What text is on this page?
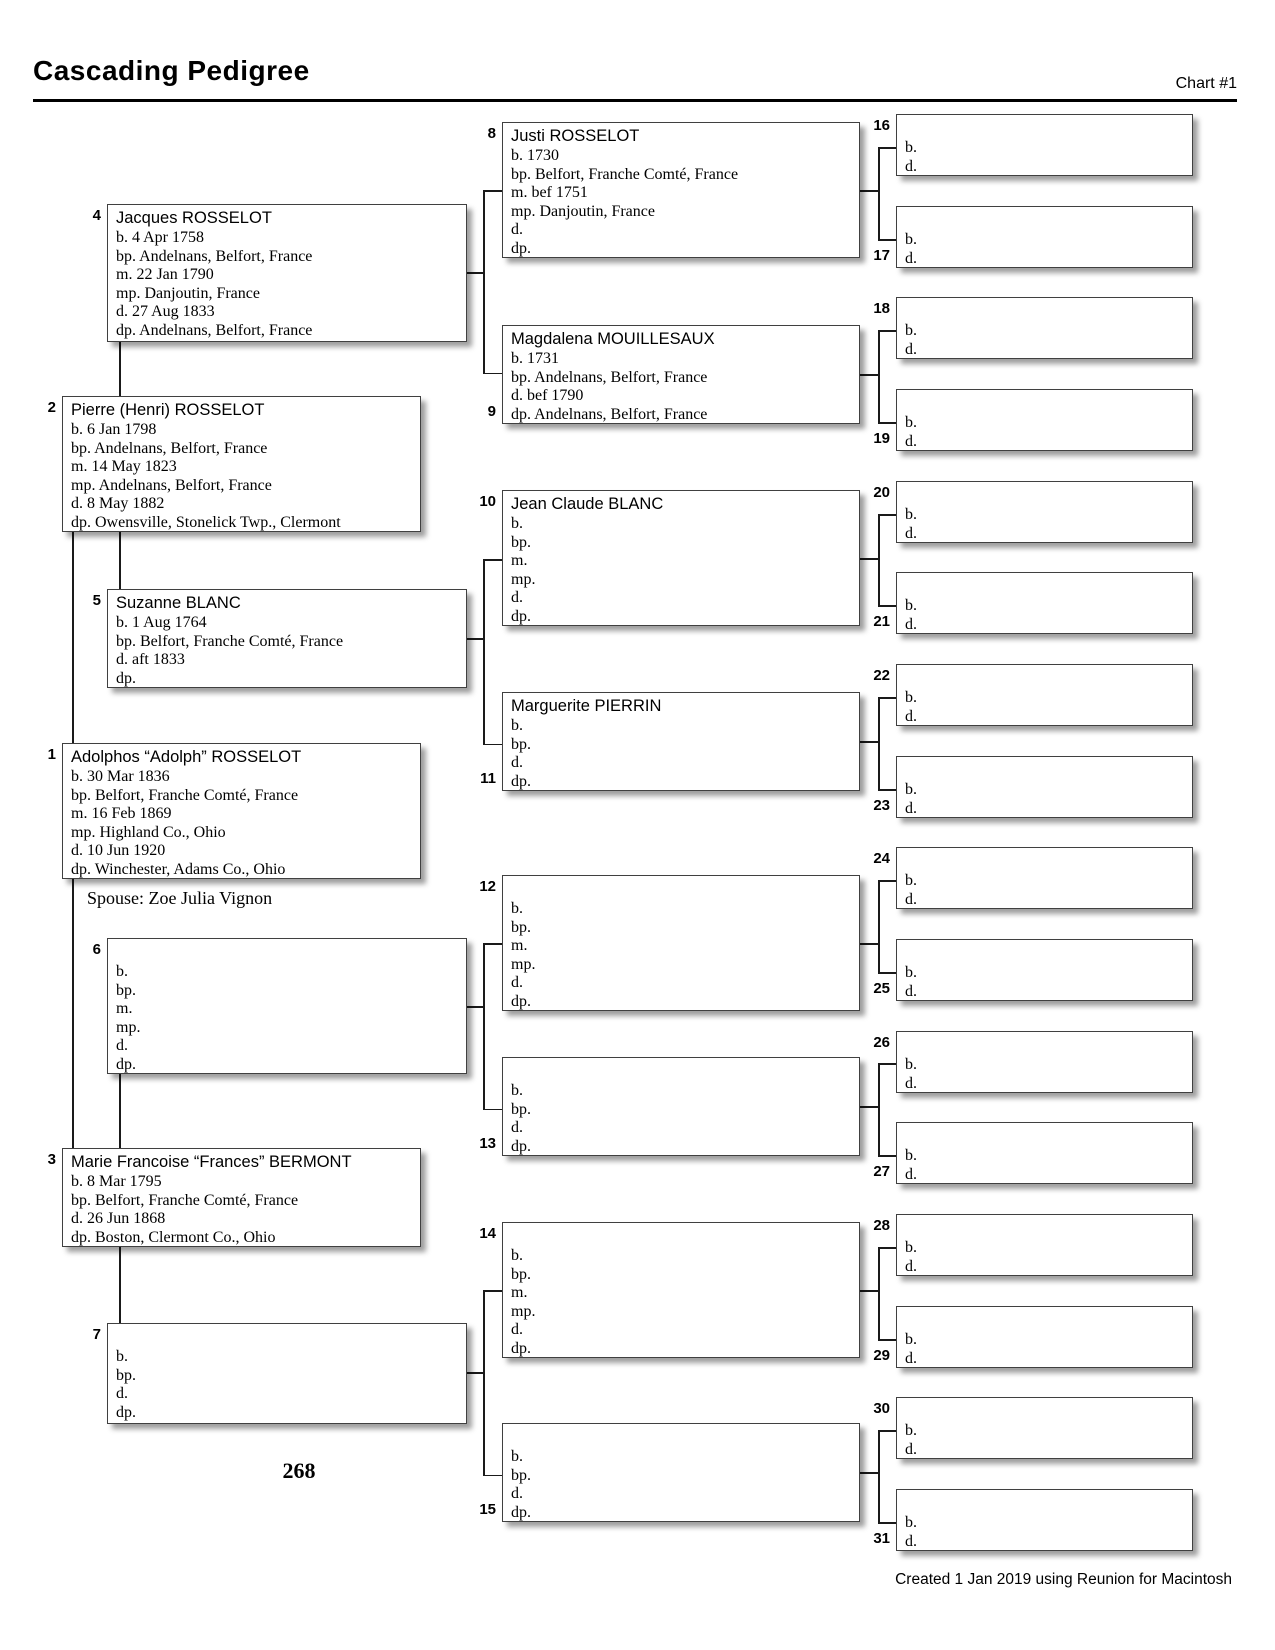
Cascading Pedigree	Chart #1
Adolphos “Adolph” ROSSELOT
b. 30 Mar 1836
bp. Belfort, Franche Comté, France
m. 16 Feb 1869
mp. Highland Co., Ohio
d. 10 Jun 1920
dp. Winchester, Adams Co., Ohio
1
Pierre (Henri) ROSSELOT
b. 6 Jan 1798
bp. Andelnans, Belfort, France
m. 14 May 1823
mp. Andelnans, Belfort, France
d. 8 May 1882
dp. Owensville, Stonelick Twp., Clermont
2
Marie Francoise “Frances” BERMONT
b. 8 Mar 1795
bp. Belfort, Franche Comté, France
d. 26 Jun 1868
dp. Boston, Clermont Co., Ohio
3
Jacques ROSSELOT
b. 4 Apr 1758
bp. Andelnans, Belfort, France
m. 22 Jan 1790
mp. Danjoutin, France
d. 27 Aug 1833
dp. Andelnans, Belfort, France
4
Suzanne BLANC
b. 1 Aug 1764
bp. Belfort, Franche Comté, France
d. aft 1833
dp.
5
b.
bp.
m.
mp.
d.
dp.
6
b.
bp.
d.
dp.
7
Justi ROSSELOT
b. 1730
bp. Belfort, Franche Comté, France
m. bef 1751
mp. Danjoutin, France
d.
dp.
8
Magdalena MOUILLESAUX
b. 1731
bp. Andelnans, Belfort, France
d. bef 1790
dp. Andelnans, Belfort, France
9
Jean Claude BLANC
b.
bp.
m.
mp.
d.
dp.
10
Marguerite PIERRIN
b.
bp.
d.
dp.
11
b.
bp.
m.
mp.
d.
dp.
12
b.
bp.
d.
dp.
13
b.
bp.
m.
mp.
d.
dp.
14
b.
bp.
d.
dp.
15
b.
d.
16
b.
d.
17
b.
d.
18
b.
d.
19
b.
d.
20
b.
d.
21
b.
d.
22
b.
d.
23
b.
d.
24
b.
d.
25
b.
d.
26
b.
d.
27
b.
d.
28
b.
d.
29
b.
d.
30
b.
d.
31
Spouse: Zoe Julia Vignon
268
Created 1 Jan 2019 using Reunion for Macintosh
